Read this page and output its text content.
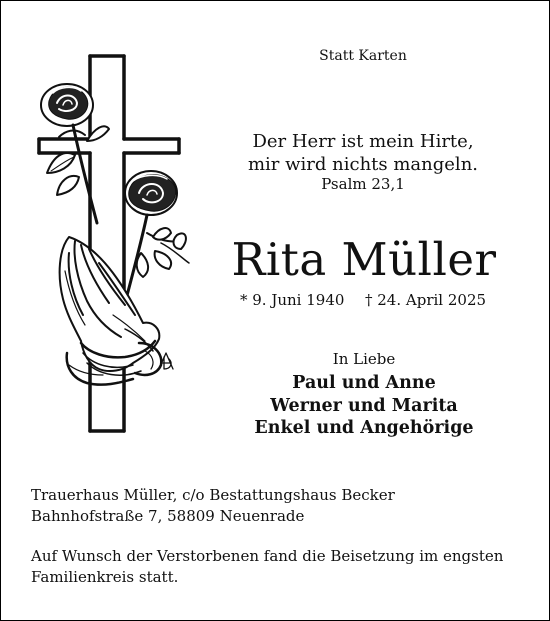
Statt Karten
Der Herr ist mein Hirte,
mir wird nichts mangeln.
Psalm 23,1
Rita Müller
* 9. Juni 1940 † 24. April 2025
In Liebe
Paul und Anne
Werner und Marita
Enkel und Angehörige
Trauerhaus Müller, c/o Bestattungshaus Becker
Bahnhofstraße 7, 58809 Neuenrade
Auf Wunsch der Verstorbenen fand die Beisetzung im engsten
Familienkreis statt.
